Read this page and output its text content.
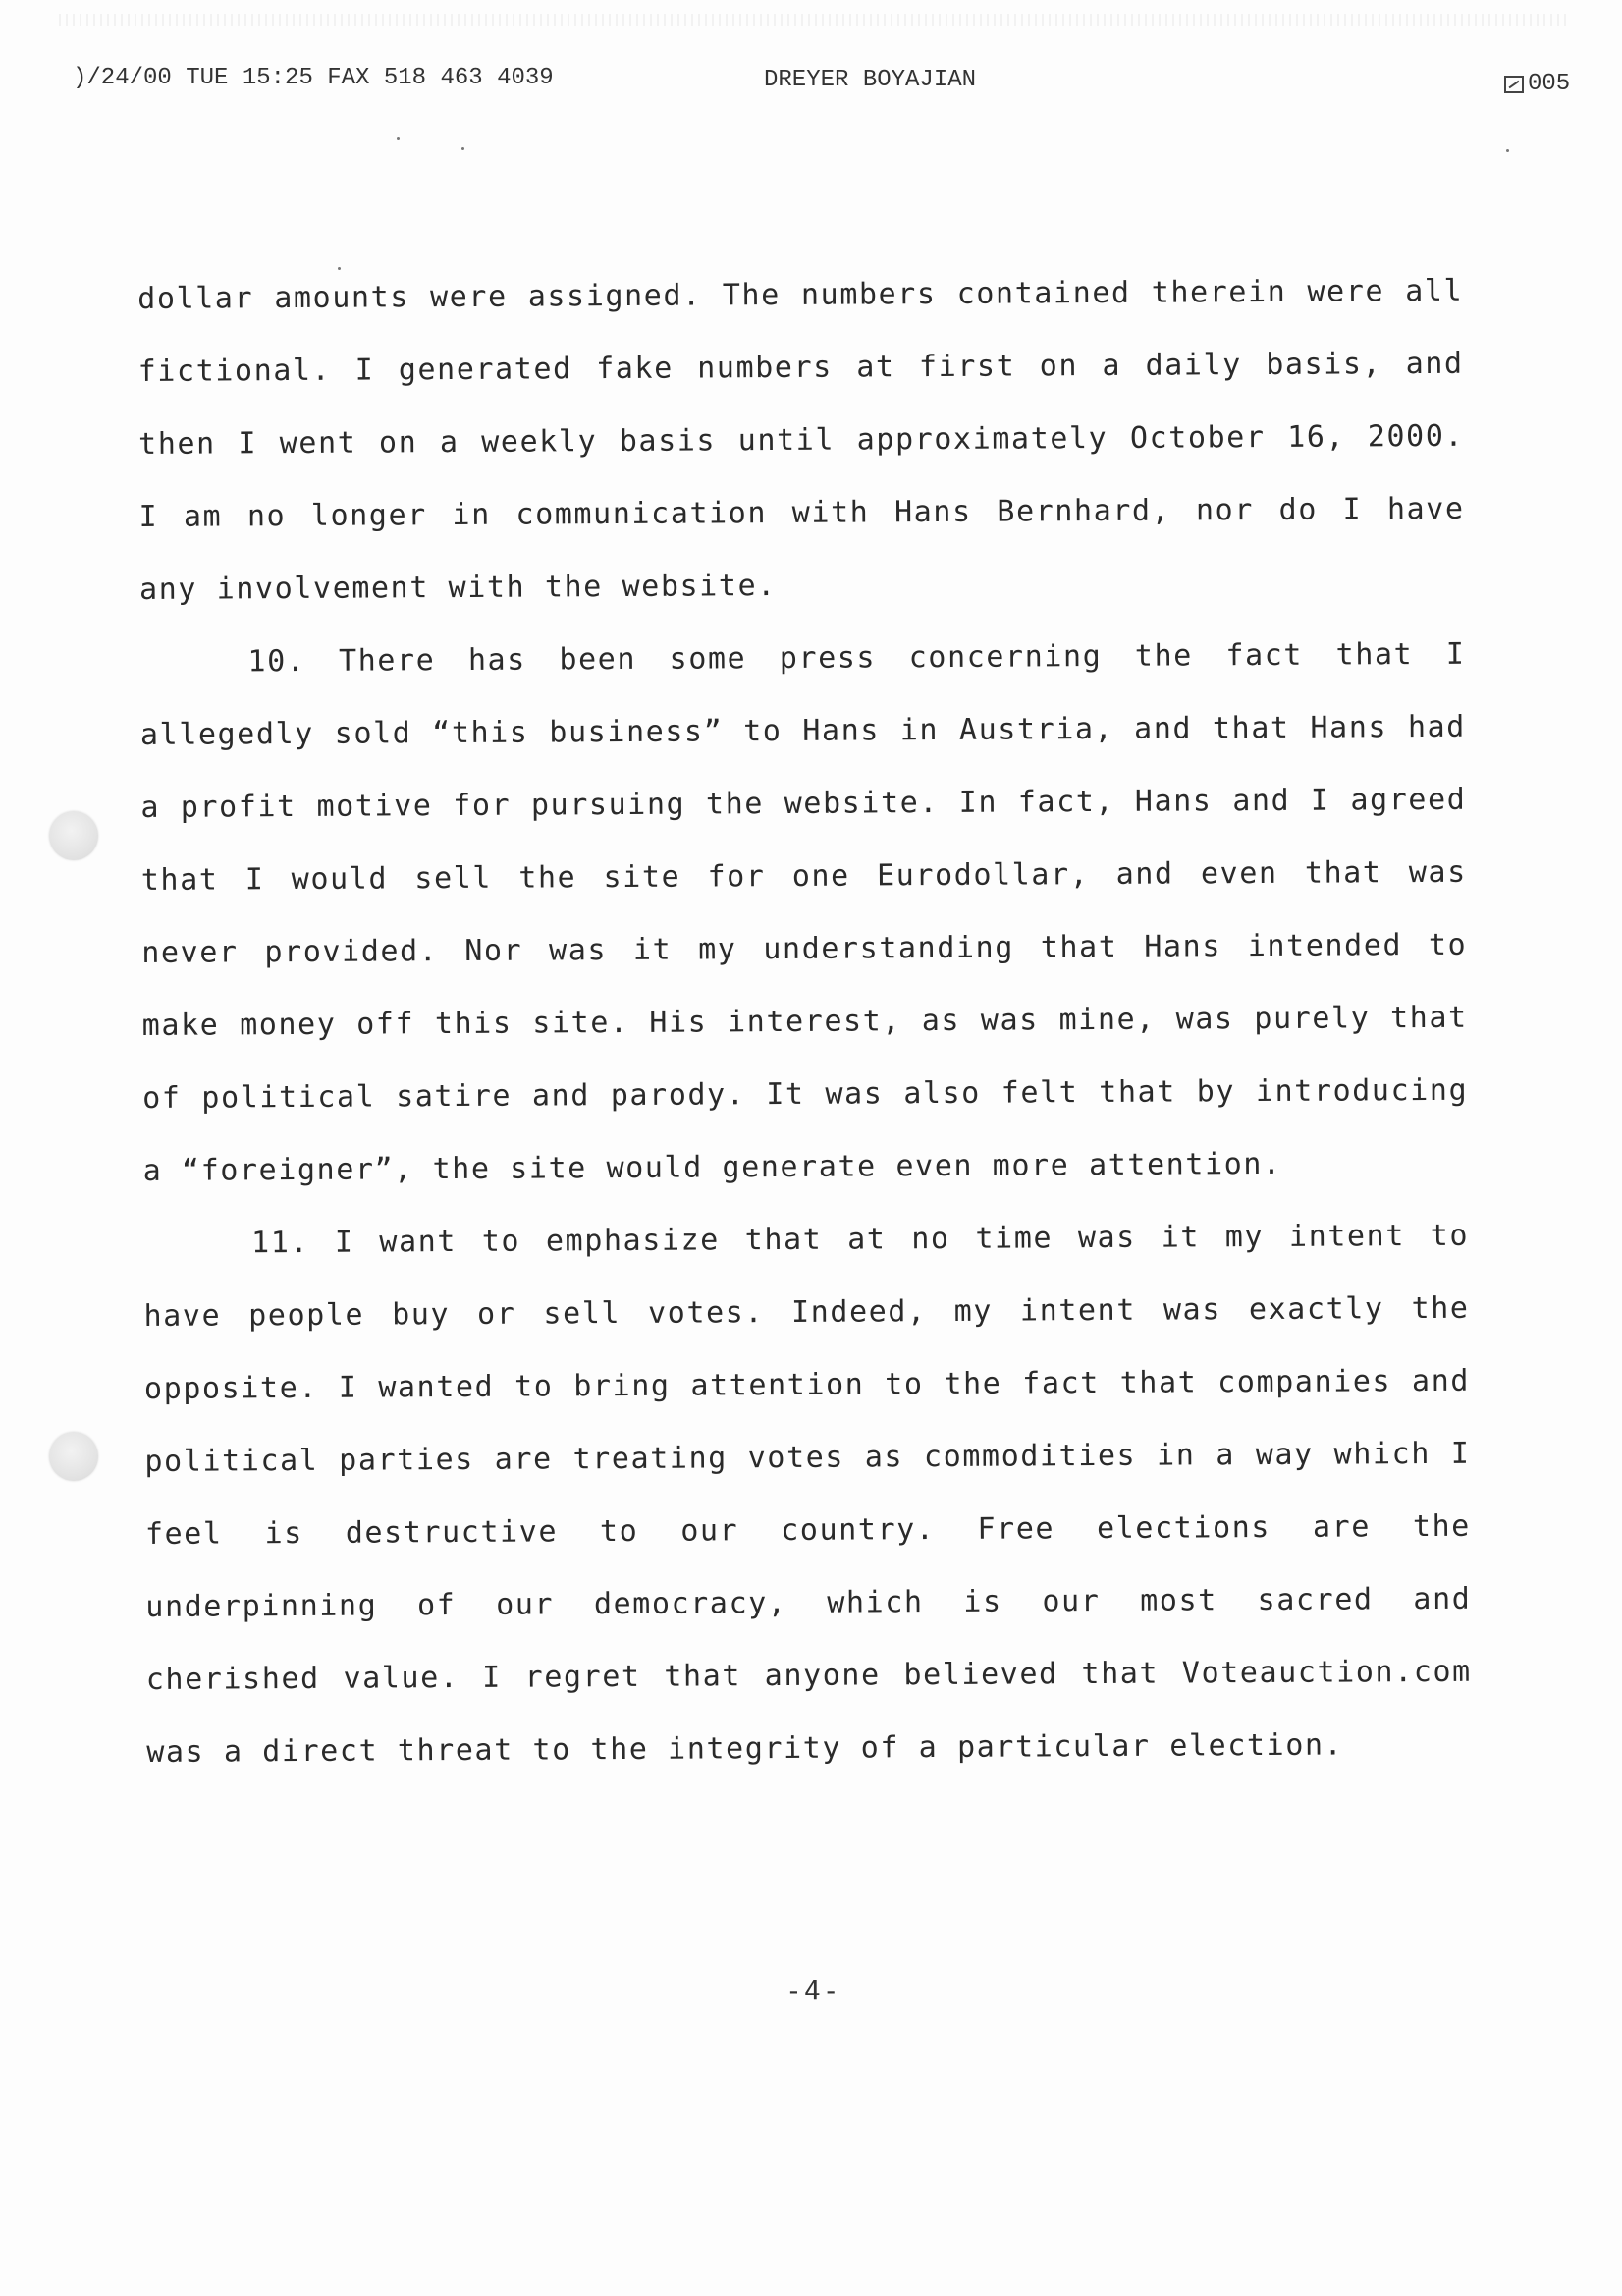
)/24/00 TUE 15:25 FAX 518 463 4039	DREYER BOYAJIAN	005

dollar amounts were assigned. The numbers contained therein were all fictional. I generated fake numbers at first on a daily basis, and then I went on a weekly basis until approximately October 16, 2000. I am no longer in communication with Hans Bernhard, nor do I have any involvement with the website.

10. There has been some press concerning the fact that I allegedly sold “this business” to Hans in Austria, and that Hans had a profit motive for pursuing the website. In fact, Hans and I agreed that I would sell the site for one Eurodollar, and even that was never provided. Nor was it my understanding that Hans intended to make money off this site. His interest, as was mine, was purely that of political satire and parody. It was also felt that by introducing a “foreigner”, the site would generate even more attention.

11. I want to emphasize that at no time was it my intent to have people buy or sell votes. Indeed, my intent was exactly the opposite. I wanted to bring attention to the fact that companies and political parties are treating votes as commodities in a way which I feel is destructive to our country. Free elections are the underpinning of our democracy, which is our most sacred and cherished value. I regret that anyone believed that Voteauction.com was a direct threat to the integrity of a particular election.

-4-
